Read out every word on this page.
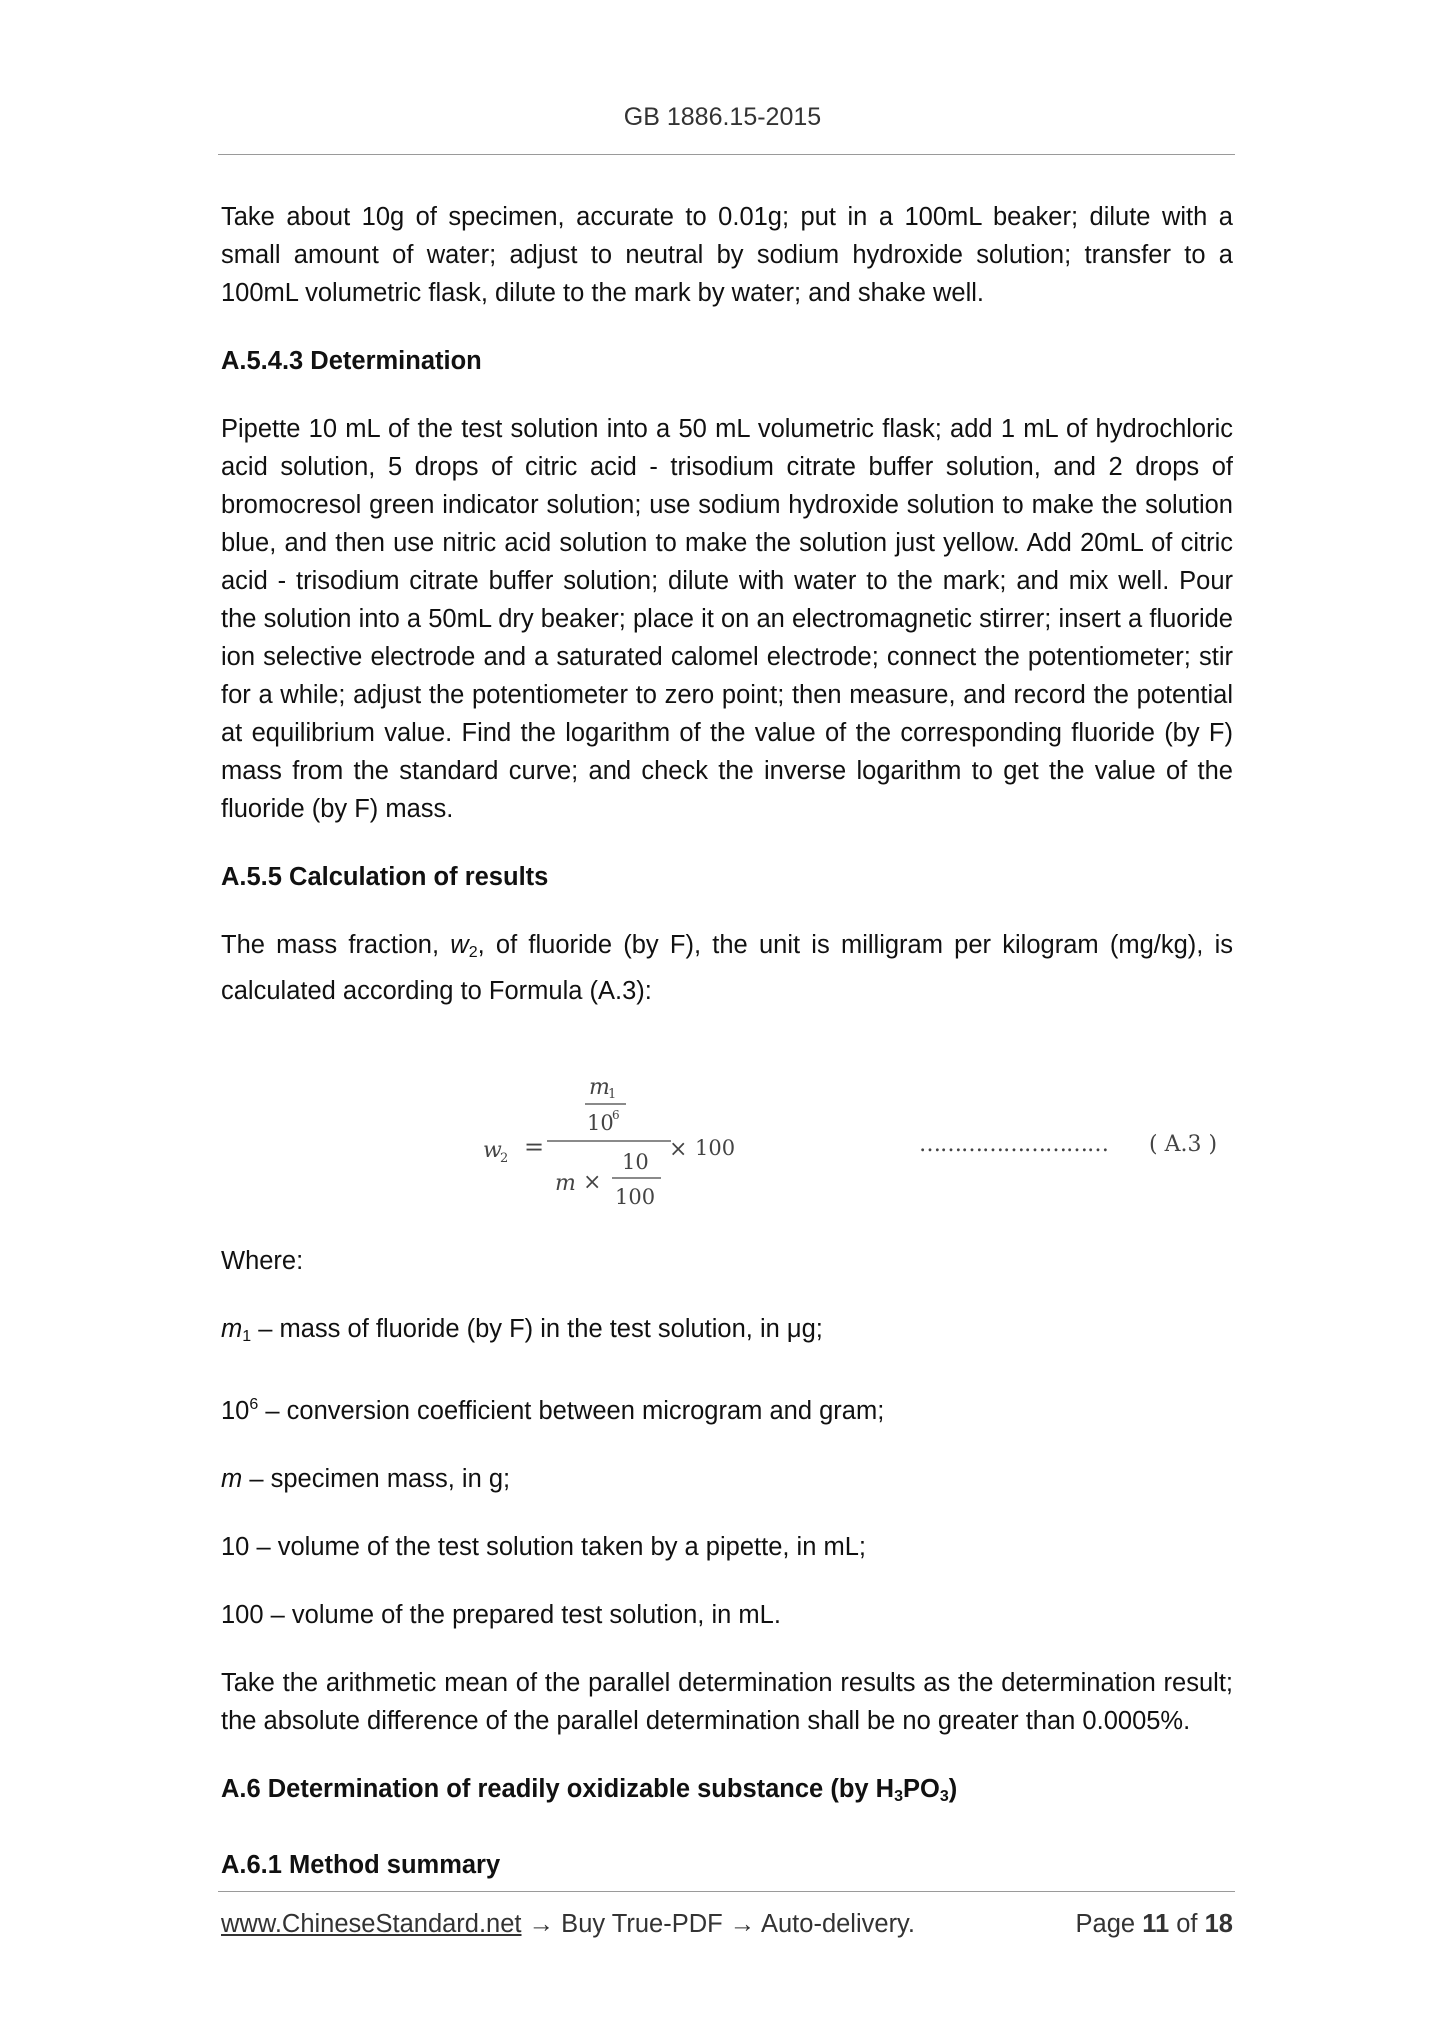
GB 1886.15-2015

Take about 10g of specimen, accurate to 0.01g; put in a 100mL beaker; dilute with a small amount of water; adjust to neutral by sodium hydroxide solution; transfer to a 100mL volumetric flask, dilute to the mark by water; and shake well.

A.5.4.3 Determination

Pipette 10 mL of the test solution into a 50 mL volumetric flask; add 1 mL of hydrochloric acid solution, 5 drops of citric acid - trisodium citrate buffer solution, and 2 drops of bromocresol green indicator solution; use sodium hydroxide solution to make the solution blue, and then use nitric acid solution to make the solution just yellow. Add 20mL of citric acid - trisodium citrate buffer solution; dilute with water to the mark; and mix well. Pour the solution into a 50mL dry beaker; place it on an electromagnetic stirrer; insert a fluoride ion selective electrode and a saturated calomel electrode; connect the potentiometer; stir for a while; adjust the potentiometer to zero point; then measure, and record the potential at equilibrium value. Find the logarithm of the value of the corresponding fluoride (by F) mass from the standard curve; and check the inverse logarithm to get the value of the fluoride (by F) mass.

A.5.5 Calculation of results

The mass fraction, $w_2$, of fluoride (by F), the unit is milligram per kilogram (mg/kg), is calculated according to Formula (A.3):

w
2 =
m
1
10
6
m ×
10
100
× 100	……………………… ( A.3 )
Where:
$m_1$ – mass of fluoride (by F) in the test solution, in μg;
$10^6$ – conversion coefficient between microgram and gram;
m – specimen mass, in g;
10 – volume of the test solution taken by a pipette, in mL;
100 – volume of the prepared test solution, in mL.

Take the arithmetic mean of the parallel determination results as the determination result; the absolute difference of the parallel determination shall be no greater than 0.0005%.

A.6 Determination of readily oxidizable substance (by $H_3PO_3$)
A.6.1 Method summary
www.ChineseStandard.net → Buy True-PDF → Auto-delivery.	Page 11 of 18
